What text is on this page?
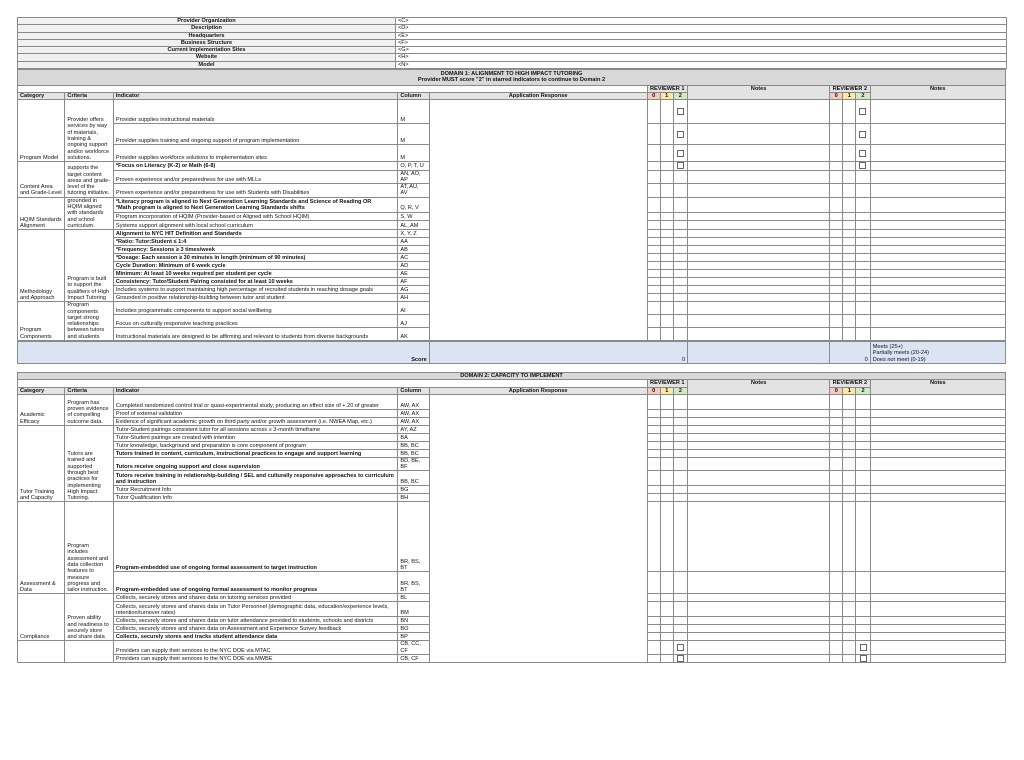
Provider Organization	<C>
Description	<D>
Headquarters	<E>
Business Structure	<F>
Current Implementation Sites	<G>
Website	<H>
Model	<N>
DOMAIN 1: ALIGNMENT TO HIGH IMPACT TUTORING
Provider MUST score "2" in starred indicators to continue to Domain 2												

					REVIEWER 1			Notes	REVIEWER 2			Notes
Category	Criteria	Indicator	Column	Application Response	0	1	2		0	1	2	
Program Model	Provider offers services by way of materials, training & ongoing support and/or workforce solutions.	Provider supplies instructional materials	M									
		Provider supplies training and ongoing support of program implementation	M									
		Provider supplies workforce solutions to implementation sites	M									
Content Area and Grade-Level	supports the target content areas and grade-level of the tutoring initiative.	*Focus on Literacy (K-2) or Math (6-8)	O, P, T, U									
		Proven experience and/or preparedness for use with MLLs	AN, AO, AP									
		Proven experience and/or preparedness for use with Students with Disabilities	AT, AU, AV									
HQIM Standards Alignment	grounded in HQIM aligned with standards and school curriculum.	*Literacy program is aligned to Next Generation Learning Standards and Science of Reading OR
*Math program is aligned to Next Generation Learning Standards shifts	Q, R, V									
		Program incorporation of HQIM (Provider-based or Aligned with School HQIM)	S, W									
		Systems support alignment with local school curriculum	AL, AM									
Methodology and Approach	Program is built to support the qualifiers of High Impact Tutoring	Alignment to NYC HIT Definition and Standards	X, Y, Z									
		*Ratio: Tutor:Student ≤ 1:4	AA									
		*Frequency: Sessions ≥ 3 times/week	AB									
		*Dosage: Each session ≥ 30 minutes in length (minimum of 90 minutes)	AC									
		Cycle Duration: Minimum of 6 week cycle	AD									
		Minimum: At least 10 weeks required per student per cycle	AE									
		Consistency: Tutor/Student Pairing consisted for at least 10 weeks	AF									
		Includes systems to support maintaining high percentage of recruited students in reaching dosage goals	AG									
		Grounded in positive relationship-building between tutor and student	AH									
Program Components	Program components target strong relationships between tutors and students	Includes programmatic components to support social wellbeing	AI									
		Focus on culturally responsive teaching practices	AJ									
		Instructional materials are designed to be affirming and relevant to students from diverse backgrounds	AK									
Score	0		0	
Meets (25+)
Partially meets (20-24)
Does not meet (0-19)
DOMAIN 2: CAPACITY TO IMPLEMENT												
					REVIEWER 1			Notes	REVIEWER 2			Notes
Category	Criteria	Indicator	Column	Application Response	0	1	2		0	1	2	
Academic Efficacy	Program has proven evidence of compelling outcome data.	Completed randomized control trial or quasi-experimental study, producing an effect size of +.20 of greater	AW, AX									
		Proof of external validation	AW, AX									
		Evidence of significant academic growth on third party and/or growth assessment (i.e. NWEA Map, etc.)	AW, AX									
Tutor Training and Capacity	Tutors are trained and supported through best practices for implementing High Impact Tutoring.	Tutor-Student pairings consistent tutor for all sessions across ≥ 3-month timeframe	AY, AZ									
		Tutor-Student pairings are created with intention	BA									
		Tutor knowledge, background and preparation is core component of program	BB, BC									
		Tutors trained in content, curriculum, instructional practices to engage and support learning	BB, BC									
		Tutors receive ongoing support and close supervision	BD, BE, BF									
		Tutors receive training in relationship-building / SEL and culturally responsive approaches to curriculum and instruction	BB, BC									
		Tutor Recruitment Info	BG									
		Tutor Qualification Info	BH									
Assessment & Data	Program includes assessment and data collection features to measure progress and tailor instruction.	Program-embedded use of ongoing formal assessment to target instruction	BR, BS, BT									
		Program-embedded use of ongoing formal assessment to monitor progress	BR, BS, BT									
Compliance	Proven ability and readiness to securely store and share data	Collects, securely stores and shares data on tutoring services provided	BL									
		Collects, securely stores and shares data on Tutor Personnel (demographic data, education/experience levels, retention/turnover rates)	BM									
		Collects, securely stores and shares data on tutor attendance provided to students, schools and districts	BN									
		Collects, securely stores and shares data on Assessment and Experience Survey feedback	BO									
		Collects, securely stores and tracks student attendance data	BP									
		Providers can supply their services to the NYC DOE via MTAC	CB, CC, CF									
		Providers can supply their services to the NYC DOE via MWBE	CB, CF									
